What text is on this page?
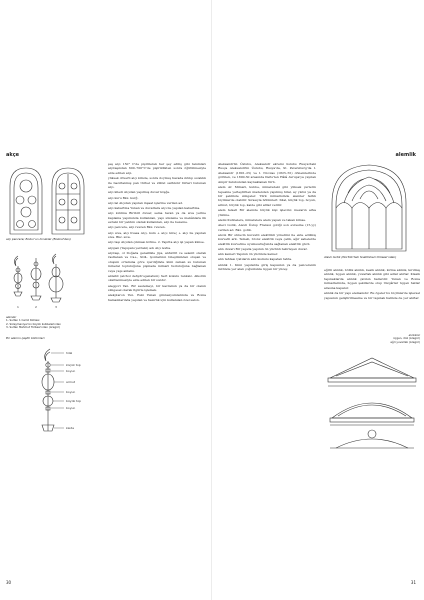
akçe
alçı pencere; Bodur'un örnekler (Bodoxl'den)
1	2	3
alemler
1- Sultan 1 Cemil Külliesi
2- Süleymaniye'nin büyük kubbelerinden
3- Sultan Mahmut Türbesi'nden (Aregür)
Bir alemin çeşitli bölümleri
hilal
küçük top
boyun
armut
boyun
büyük top
boyun
kaide

şeş alçı 150° C'de pişirilerek her şey ediliş gibi tanımları alçıtaşından 600–700°C'de pişirildikten sonra öğütülmesiyle elde edilen alçı.

yüksek döverli alçı kimde, sonra doymuş havada ılıtılıp sıcaklık ile bazırlanmış pan türbel ve zülfet sathlıdır türleri bulunan alçı.

alçı kiledi Alçıdan yapılmış duvar köşğe.

alçı kuru Bkz. kurğ.

alçı lal Alçıdan yapılan inşaat işlerine verilen ad.

alçı kabartma Yunan ve duvarlara alçı ile yapılan kabartma.

alçı kırılma Biribiri duvar, sema tavan ya da sıva yerine kaplama yapımında kullanılan, yapı süsleme ve mekânlara ilk evdeki bir yalıtım olarak kullanılan, alçı ile bezeme.

alçı pencere, alçı revzen Bkz. revzen.

alçı sıva, alçı livasa Alçı, kum + alçı; kireç + alçı ile yapılan sıva. Bkz. sıva.

alçı taşı Alçıdan çıkması kötme. 2. Yapıtta alçı işi yapan kimse.

alçıpan (Yapıpanı yerdeki) adı Alçı levha.

alçıtaşı, ot Doğada genellikle jips, anhidrit ve selenit olarak rastlanan ve Ca+, SO4- iyonlarının bileşiminden oluşan ve oluşum ortamına göre içerdiğinde kimi zaman su bulunan mineral topluluğuna pişmada mimari tuzluluğuna bağlanan veya yapı anlamı.

aldehit (alchol dehydrogenatum) Sert kokulu renksiz. Alkolün oksitlenmesiyle elde edilen bir sıvıdır.

aleggori Yan. Bir seslemeyi, bir kavramın ya da bir olanın simgesel olarak figürle işlemek.

alekptaron Yun. Eski Yunan gimnazyumlarında ve Roma hamamlarında yapılan ve hazırlık için kullanılan özel salon.

30
alemlik

Aleksandrün Üslubu, Aleksandr ekremi üslubu Rusya'daki Rusça Aleksandrün Üslubu, Rusya'da, St. Petersburg'da I. Aleksandr (1801–25) ve I. Nicolas (1825–55) dönemlerinde görülen, ve 1800-30 arasında Paris'ten Hâlâ Avrupa'ya yayılan Ampir üslubundan kaynaklanan türü.

alem Ar. Mimari, kubbe, minaredeki gibi yüksek yerlerin tepesine yerleştirilen madenden yapılmış hilal, ay yıldız ya da bir şeklinde simgeler. Türk mimarisinde alemler farklı biçimlerde olabilir. Sırasıyla bölümleri: hilal, küçük top, boyun, armut, büyük top, kaide gibi altlar verilir.

alem felsefi Bir alemde büyük kişi işlevini; mezarın arka yüzüne.

alemi Kubbelere, minarelere alem yapan ve takan kimse.

Alevi Gotik, Alevli Üslup Fransız gotiği son evresine (15.yy) verilen ad. Bkz. gotik.

alıcılı Bir sürecin kuvvetli elektrikli yönetimi ile elde edilmiş kuvvetli ark. Temeli, bronz elektrik veya çelik, ağır sahelerde elektrik kuvvetine uyumsuzluğunda sağlanan elektrik gücü.

alın duvarı Bir yapıda yapının ön yüzünü belirleyen duvar.

alın kemeri Yapının ön yüzünde kemer.

alın tahtası Çatıların alın kısmını kapatan tahta.

alınlık 1. Kimi yapılarda giriş kapısının ya da pencerenin üstünde yer alan çoğunlukla üçgen bir yüzey.

Alevli Gotik (Norfolk'taki Snettisham Kilisesi'nden)

eğrili alınlık, bölük alınlık, kesik alınlık, kırma alınlık, kırılmış alınlık, üçgen alınlık, yuvarlak alınlık gibi adlar alırlar. Klasik tapınaklarda alınlık çatının hallerdir. Yunan ve Roma mimarlarında, üçgen şekillerde olup rüzgârlar üçgen hatlar arasına kapanır.

alınlık da bir yapı elemanıdır. Bu ögeler bu biçimlerde işlevsel yapısının geliştirilmesine ve bir tapınak halinde de yer alırlar.

alınlıklar
üçgen, düz (Aregür)
eğri yuvarlak (Aregür)
31
